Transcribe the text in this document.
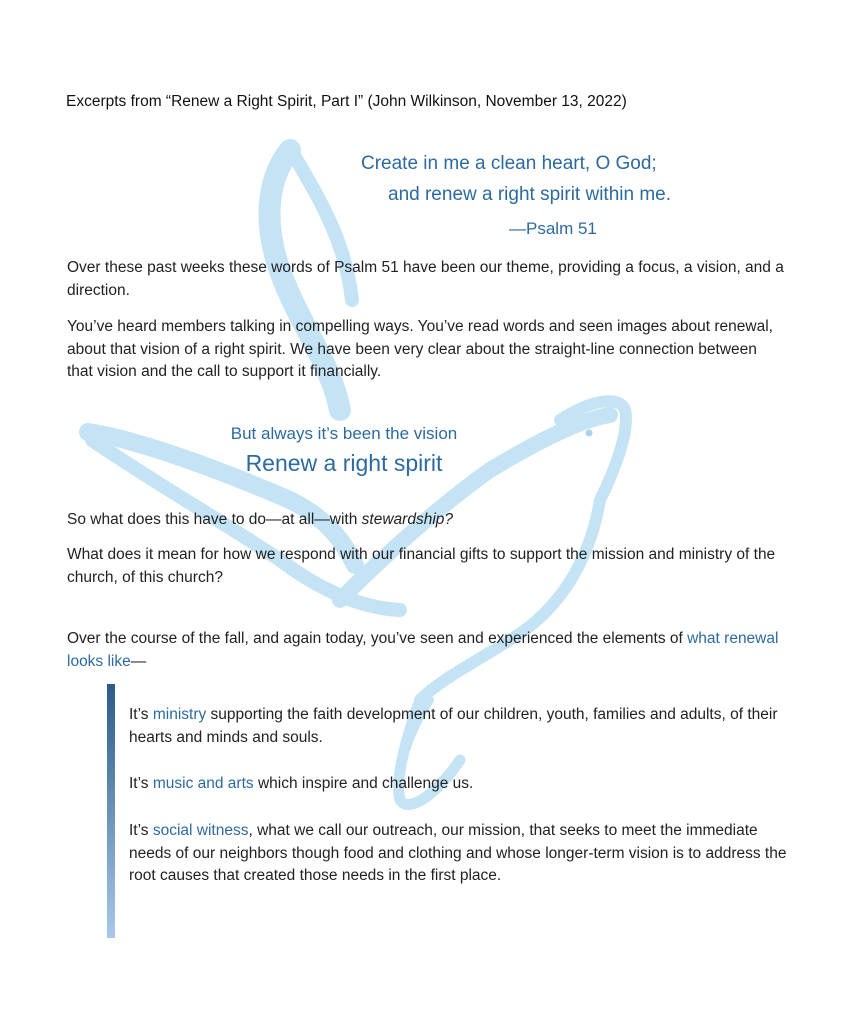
Excerpts from “Renew a Right Spirit, Part I” (John Wilkinson, November 13, 2022)
Create in me a clean heart, O God;
and renew a right spirit within me.
—Psalm 51
Over these past weeks these words of Psalm 51 have been our theme, providing a focus, a vision, and a direction.
You’ve heard members talking in compelling ways. You’ve read words and seen images about renewal, about that vision of a right spirit. We have been very clear about the straight-line connection between that vision and the call to support it financially.
But always it’s been the vision
Renew a right spirit
So what does this have to do—at all—with stewardship?
What does it mean for how we respond with our financial gifts to support the mission and ministry of the church, of this church?
Over the course of the fall, and again today, you’ve seen and experienced the elements of what renewal looks like—
It’s ministry supporting the faith development of our children, youth, families and adults, of their hearts and minds and souls.
It’s music and arts which inspire and challenge us.
It’s social witness, what we call our outreach, our mission, that seeks to meet the immediate needs of our neighbors though food and clothing and whose longer-term vision is to address the root causes that created those needs in the first place.
